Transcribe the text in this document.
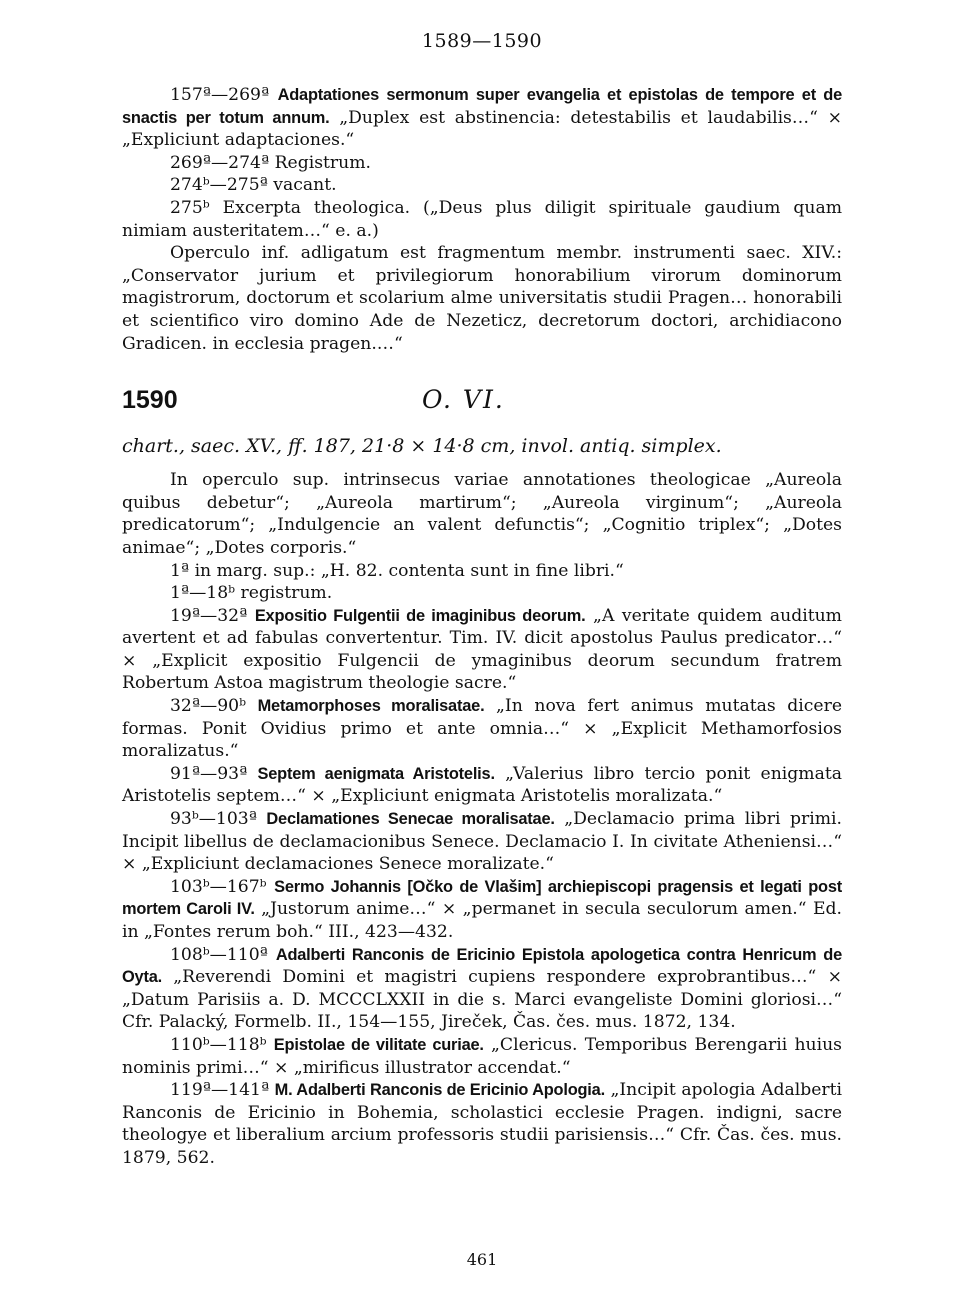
1589—1590

157ª—269ª Adaptationes sermonum super evangelia et epistolas de tempore et de snactis per totum annum. „Duplex est abstinencia: detestabilis et laudabilis…“ × „Expliciunt adaptaciones.“

269ª—274ª Registrum.

274ᵇ—275ª vacant.

275ᵇ Excerpta theologica. („Deus plus diligit spirituale gaudium quam nimiam austeritatem…“ e. a.)

Operculo inf. adligatum est fragmentum membr. instrumenti saec. XIV.: „Conservator jurium et privilegiorum honorabilium virorum dominorum magistrorum, doctorum et scolarium alme universitatis studii Pragen… honorabili et scientifico viro domino Ade de Nezeticz, decretorum doctori, archidiacono Gradicen. in ecclesia pragen.…“

1590	O. VI.
chart., saec. XV., ff. 187, 21·8 × 14·8 cm, invol. antiq. simplex.

In operculo sup. intrinsecus variae annotationes theologicae „Aureola quibus debetur“; „Aureola martirum“; „Aureola virginum“; „Aureola predicatorum“; „Indulgencie an valent defunctis“; „Cognitio triplex“; „Dotes animae“; „Dotes corporis.“

1ª in marg. sup.: „H. 82. contenta sunt in fine libri.“

1ª—18ᵇ registrum.

19ª—32ª Expositio Fulgentii de imaginibus deorum. „A veritate quidem auditum avertent et ad fabulas convertentur. Tim. IV. dicit apostolus Paulus predicator…“ × „Explicit expositio Fulgencii de ymaginibus deorum secundum fratrem Robertum Astoa magistrum theologie sacre.“

32ª—90ᵇ Metamorphoses moralisatae. „In nova fert animus mutatas dicere formas. Ponit Ovidius primo et ante omnia…“ × „Explicit Methamorfosios moralizatus.“

91ª—93ª Septem aenigmata Aristotelis. „Valerius libro tercio ponit enigmata Aristotelis septem…“ × „Expliciunt enigmata Aristotelis moralizata.“

93ᵇ—103ª Declamationes Senecae moralisatae. „Declamacio prima libri primi. Incipit libellus de declamacionibus Senece. Declamacio I. In civitate Atheniensi…“ × „Expliciunt declamaciones Senece moralizate.“

103ᵇ—167ᵇ Sermo Johannis [Očko de Vlašim] archiepiscopi pragensis et legati post mortem Caroli IV. „Justorum anime…“ × „permanet in secula seculorum amen.“ Ed. in „Fontes rerum boh.“ III., 423—432.

108ᵇ—110ª Adalberti Ranconis de Ericinio Epistola apologetica contra Henricum de Oyta. „Reverendi Domini et magistri cupiens respondere exprobrantibus…“ × „Datum Parisiis a. D. MCCCLXXII in die s. Marci evangeliste Domini gloriosi…“ Cfr. Palacký, Formelb. II., 154—155, Jireček, Čas. čes. mus. 1872, 134.

110ᵇ—118ᵇ Epistolae de vilitate curiae. „Clericus. Temporibus Berengarii huius nominis primi…“ × „mirificus illustrator accendat.“

119ª—141ª M. Adalberti Ranconis de Ericinio Apologia. „Incipit apologia Adalberti Ranconis de Ericinio in Bohemia, scholastici ecclesie Pragen. indigni, sacre theologye et liberalium arcium professoris studii parisiensis…“ Cfr. Čas. čes. mus. 1879, 562.

461
